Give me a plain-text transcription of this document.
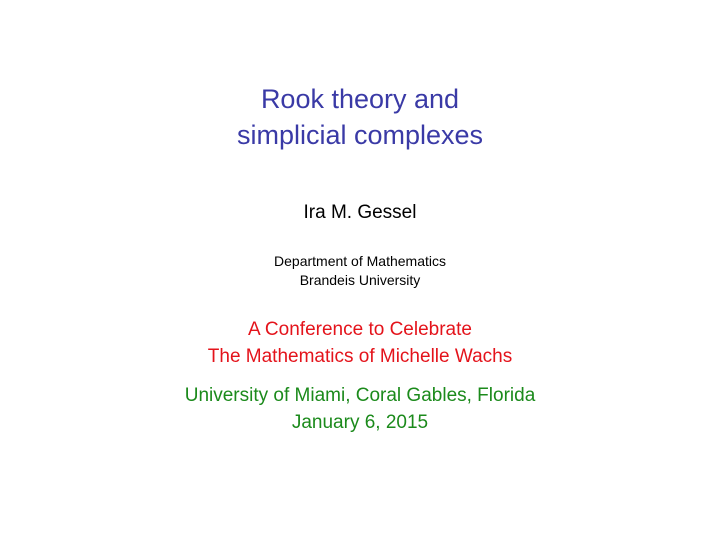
Rook theory and
simplicial complexes
Ira M. Gessel
Department of Mathematics
Brandeis University
A Conference to Celebrate
The Mathematics of Michelle Wachs
University of Miami, Coral Gables, Florida
January 6, 2015
